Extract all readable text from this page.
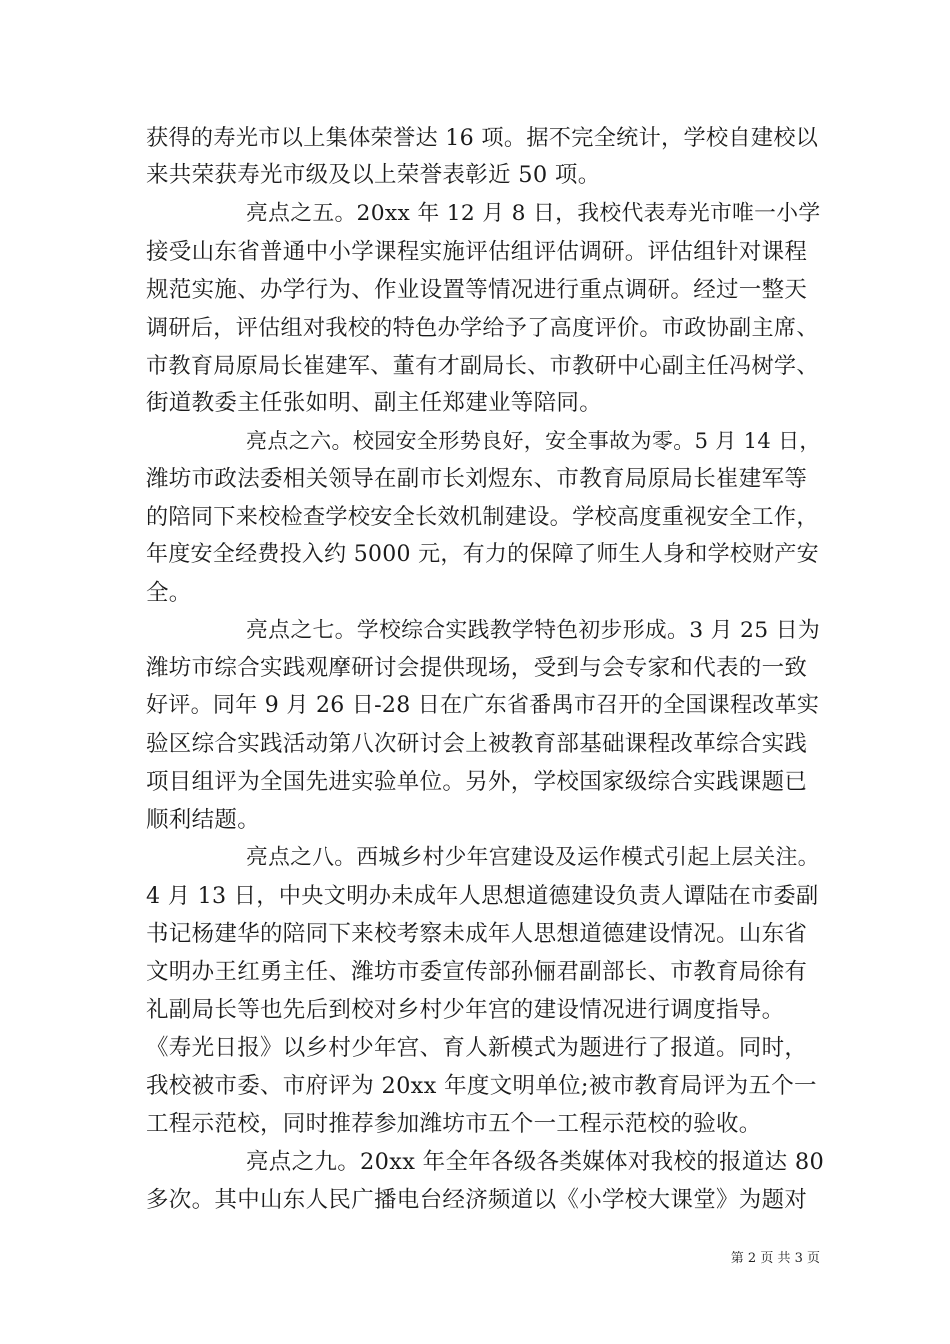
获得的寿光市以上集体荣誉达 16 项。据不完全统计，学校自建校以
来共荣获寿光市级及以上荣誉表彰近 50 项。
亮点之五。20xx 年 12 月 8 日，我校代表寿光市唯一小学
接受山东省普通中小学课程实施评估组评估调研。评估组针对课程
规范实施、办学行为、作业设置等情况进行重点调研。经过一整天
调研后，评估组对我校的特色办学给予了高度评价。市政协副主席、
市教育局原局长崔建军、董有才副局长、市教研中心副主任冯树学、
街道教委主任张如明、副主任郑建业等陪同。
亮点之六。校园安全形势良好，安全事故为零。5 月 14 日，
潍坊市政法委相关领导在副市长刘煜东、市教育局原局长崔建军等
的陪同下来校检查学校安全长效机制建设。学校高度重视安全工作，
年度安全经费投入约 5000 元，有力的保障了师生人身和学校财产安
全。
亮点之七。学校综合实践教学特色初步形成。3 月 25 日为
潍坊市综合实践观摩研讨会提供现场，受到与会专家和代表的一致
好评。同年 9 月 26 日-28 日在广东省番禺市召开的全国课程改革实
验区综合实践活动第八次研讨会上被教育部基础课程改革综合实践
项目组评为全国先进实验单位。另外，学校国家级综合实践课题已
顺利结题。
亮点之八。西城乡村少年宫建设及运作模式引起上层关注。
4 月 13 日，中央文明办未成年人思想道德建设负责人谭陆在市委副
书记杨建华的陪同下来校考察未成年人思想道德建设情况。山东省
文明办王红勇主任、潍坊市委宣传部孙俪君副部长、市教育局徐有
礼副局长等也先后到校对乡村少年宫的建设情况进行调度指导。
《寿光日报》以乡村少年宫、育人新模式为题进行了报道。同时，
我校被市委、市府评为 20xx 年度文明单位;被市教育局评为五个一
工程示范校，同时推荐参加潍坊市五个一工程示范校的验收。
亮点之九。20xx 年全年各级各类媒体对我校的报道达 80
多次。其中山东人民广播电台经济频道以《小学校大课堂》为题对
第 2 页 共 3 页
